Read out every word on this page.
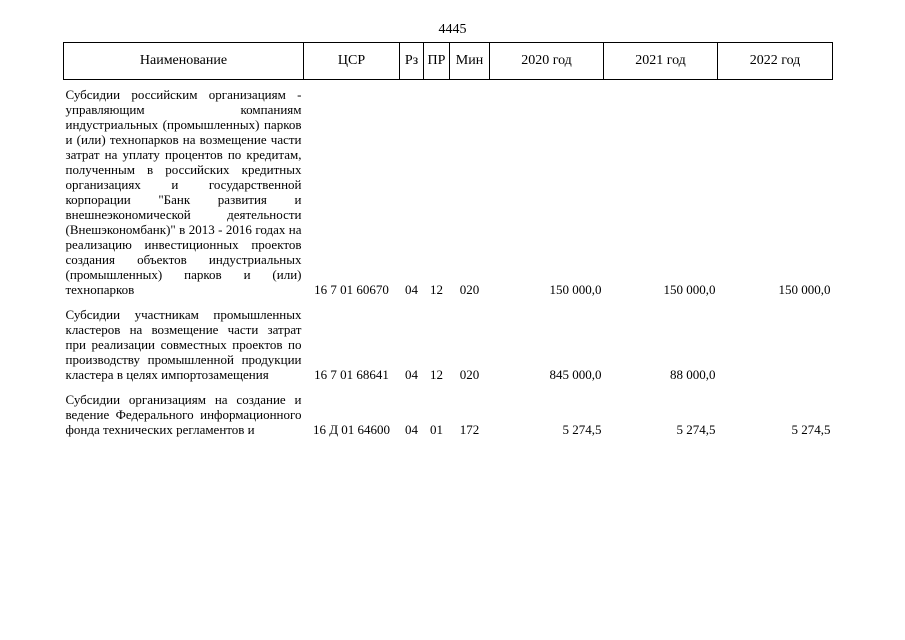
4445
Наименование	ЦСР	Рз	ПР	Мин	2020 год	2021 год	2022 год
Субсидии российским организациям - управляющим компаниям индустриальных (промышленных) парков и (или) технопарков на возмещение части затрат на уплату процентов по кредитам, полученным в российских кредитных организациях и государственной корпорации "Банк развития и внешнеэкономической деятельности (Внешэкономбанк)" в 2013 - 2016 годах на реализацию инвестиционных проектов создания объектов индустриальных (промышленных) парков и (или) технопарков	16 7 01 60670	04	12	020	150 000,0	150 000,0	150 000,0

Субсидии участникам промышленных кластеров на возмещение части затрат при реализации совместных проектов по производству промышленной продукции кластера в целях импортозамещения	16 7 01 68641	04	12	020	845 000,0	88 000,0	

Субсидии организациям на создание и ведение Федерального информационного фонда технических регламентов и	16 Д 01 64600	04	01	172	5 274,5	5 274,5	5 274,5
